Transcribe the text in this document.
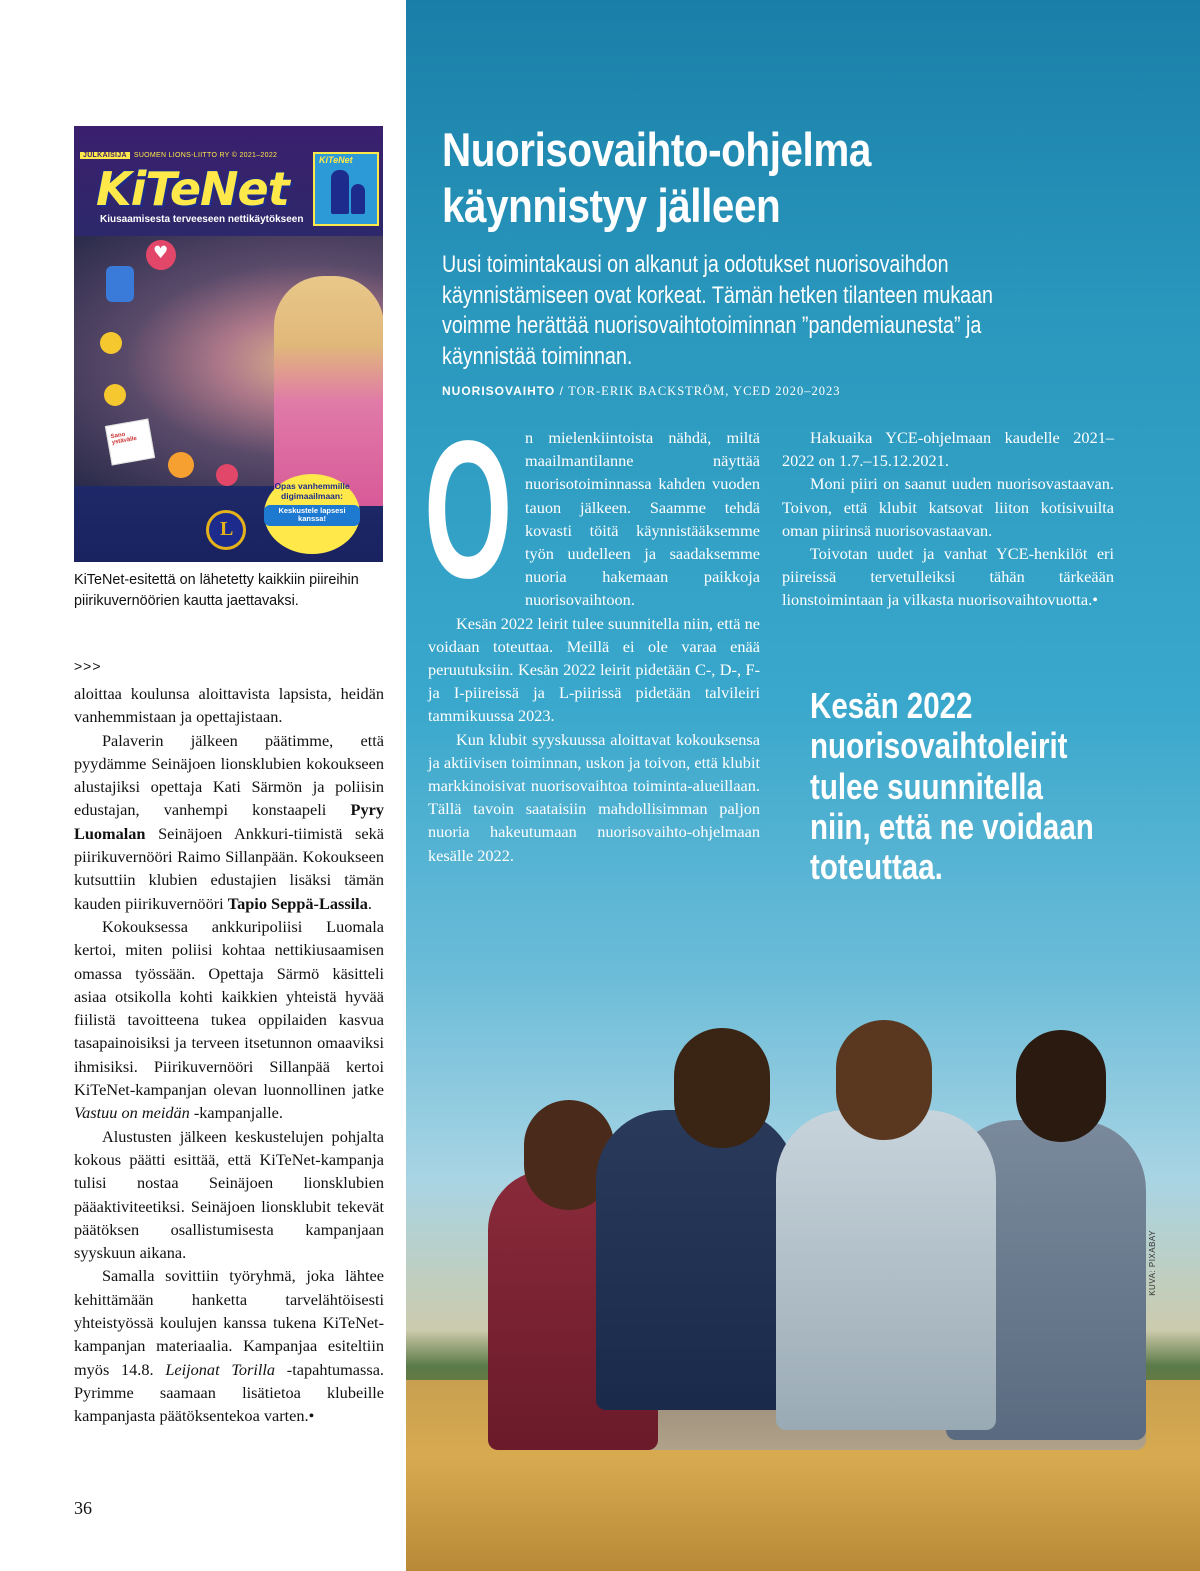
JULKAISIJA SUOMEN LIONS-LIITTO RY © 2021–2022
KiTeNet
KiTeNet
Kiusaamisesta terveeseen nettikäytökseen
♥
Sano ystävälle
L
Opas vanhemmille digimaailmaan:
Keskustele lapsesi kanssa!
KiTeNet-esitettä on lähetetty kaikkiin piireihin piirikuvernöörien kautta jaettavaksi.
>>>

aloittaa koulunsa aloittavista lapsista, heidän vanhemmistaan ja opettajistaan.

Palaverin jälkeen päätimme, että pyydämme Seinäjoen lionsklubien kokoukseen alustajiksi opettaja Kati Särmön ja poliisin edustajan, vanhempi konstaapeli Pyry Luomalan Seinäjoen Ankkuri-tiimistä sekä piirikuvernööri Raimo Sillanpään. Kokoukseen kutsuttiin klubien edustajien lisäksi tämän kauden piirikuvernööri Tapio Seppä-Lassila.

Kokouksessa ankkuripoliisi Luomala kertoi, miten poliisi kohtaa nettikiusaamisen omassa työssään. Opettaja Särmö käsitteli asiaa otsikolla kohti kaikkien yhteistä hyvää fiilistä tavoitteena tukea oppilaiden kasvua tasapainoisiksi ja terveen itsetunnon omaaviksi ihmisiksi. Piirikuvernööri Sillanpää kertoi KiTeNet-kampanjan olevan luonnollinen jatke Vastuu on meidän -kampanjalle.

Alustusten jälkeen keskustelujen pohjalta kokous päätti esittää, että KiTeNet-kampanja tulisi nostaa Seinäjoen lionsklubien pääaktiviteetiksi. Seinäjoen lionsklubit tekevät päätöksen osallistumisesta kampanjaan syyskuun aikana.

Samalla sovittiin työryhmä, joka lähtee kehittämään hanketta tarvelähtöisesti yhteistyössä koulujen kanssa tukena KiTeNet-kampanjan materiaalia. Kampanjaa esiteltiin myös 14.8. Leijonat Torilla -tapahtumassa. Pyrimme saamaan lisätietoa klubeille kampanjasta päätöksentekoa varten.•

36
Nuorisovaihto-ohjelma käynnistyy jälleen
Uusi toimintakausi on alkanut ja odotukset nuorisovaihdon käynnistämiseen ovat korkeat. Tämän hetken tilanteen mukaan voimme herättää nuorisovaihtotoiminnan ”pandemiaunesta” ja käynnistää toiminnan.
NUORISOVAIHTO / TOR-ERIK BACKSTRÖM, YCED 2020–2023
O n mielenkiintoista nähdä, miltä maailmantilanne näyttää nuorisotoiminnassa kahden vuoden tauon jälkeen. Saamme tehdä kovasti töitä käynnistääksemme työn uudelleen ja saadaksemme nuoria hakemaan paikkoja nuorisovaihtoon.

Kesän 2022 leirit tulee suunnitella niin, että ne voidaan toteuttaa. Meillä ei ole varaa enää peruutuksiin. Kesän 2022 leirit pidetään C-, D-, F- ja I-piireissä ja L-piirissä pidetään talvileiri tammikuussa 2023.

Kun klubit syyskuussa aloittavat kokouksensa ja aktiivisen toiminnan, uskon ja toivon, että klubit markkinoisivat nuorisovaihtoa toiminta-alueillaan. Tällä tavoin saataisiin mahdollisimman paljon nuoria hakeutumaan nuorisovaihto-ohjelmaan kesälle 2022.

Hakuaika YCE-ohjelmaan kaudelle 2021–2022 on 1.7.–15.12.2021.

Moni piiri on saanut uuden nuorisovastaavan. Toivon, että klubit katsovat liiton kotisivuilta oman piirinsä nuorisovastaavan.

Toivotan uudet ja vanhat YCE-henkilöt eri piireissä tervetulleiksi tähän tärkeään lionstoimintaan ja vilkasta nuorisovaihtovuotta.•

Kesän 2022 nuorisovaihtoleirit tulee suunnitella niin, että ne voidaan toteuttaa.
KUVA: PIXABAY
